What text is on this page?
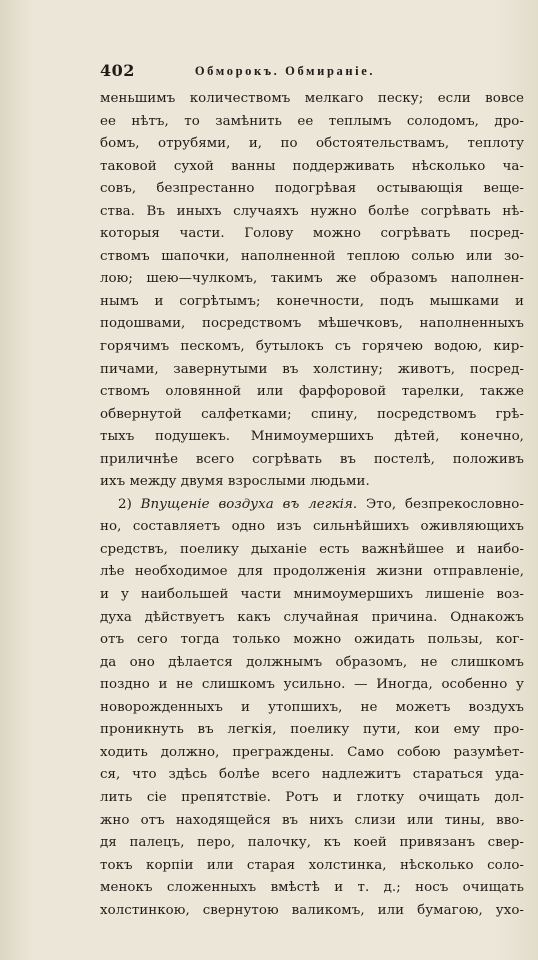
402	Обморокъ. Обмираніе.
меньшимъ количествомъ мелкаго песку; если вовсе
ее нѣтъ, то замѣнить ее теплымъ солодомъ, дро-
бомъ, отрубями, и, по обстоятельствамъ, теплоту
таковой сухой ванны поддерживать нѣсколько ча-
совъ, безпрестанно подогрѣвая остывающія веще-
ства. Въ иныхъ случаяхъ нужно болѣе согрѣвать нѣ-
которыя части. Голову можно согрѣвать посред-
ствомъ шапочки, наполненной теплою солью или зо-
лою; шею—чулкомъ, такимъ же образомъ наполнен-
нымъ и согрѣтымъ; конечности, подъ мышками и
подошвами, посредствомъ мѣшечковъ, наполненныхъ
горячимъ пескомъ, бутылокъ съ горячею водою, кир-
пичами, завернутыми въ холстину; животъ, посред-
ствомъ оловянной или фарфоровой тарелки, также
обвернутой салфетками; спину, посредствомъ грѣ-
тыхъ подушекъ. Мнимоумершихъ дѣтей, конечно,
приличнѣе всего согрѣвать въ постелѣ, положивъ
ихъ между двумя взрослыми людьми.
2) Впущеніе воздуха въ легкія. Это, безпрекословно-
но, составляетъ одно изъ сильнѣйшихъ оживляющихъ
средствъ, поелику дыханіе есть важнѣйшее и наибо-
лѣе необходимое для продолженія жизни отправленіе,
и у наибольшей части мнимоумершихъ лишеніе воз-
духа дѣйствуетъ какъ случайная причина. Однакожъ
отъ сего тогда только можно ожидать пользы, ког-
да оно дѣлается должнымъ образомъ, не слишкомъ
поздно и не слишкомъ усильно. — Иногда, особенно у
новорожденныхъ и утопшихъ, не можетъ воздухъ
проникнуть въ легкія, поелику пути, кои ему про-
ходить должно, преграждены. Само собою разумѣет-
ся, что здѣсь болѣе всего надлежитъ стараться уда-
лить сіе препятствіе. Ротъ и глотку очищать дол-
жно отъ находящейся въ нихъ слизи или тины, вво-
дя палецъ, перо, палочку, къ коей привязанъ свер-
токъ корпіи или старая холстинка, нѣсколько соло-
менокъ сложенныхъ вмѣстѣ и т. д.; носъ очищать
холстинкою, свернутою валикомъ, или бумагою, ухо-
